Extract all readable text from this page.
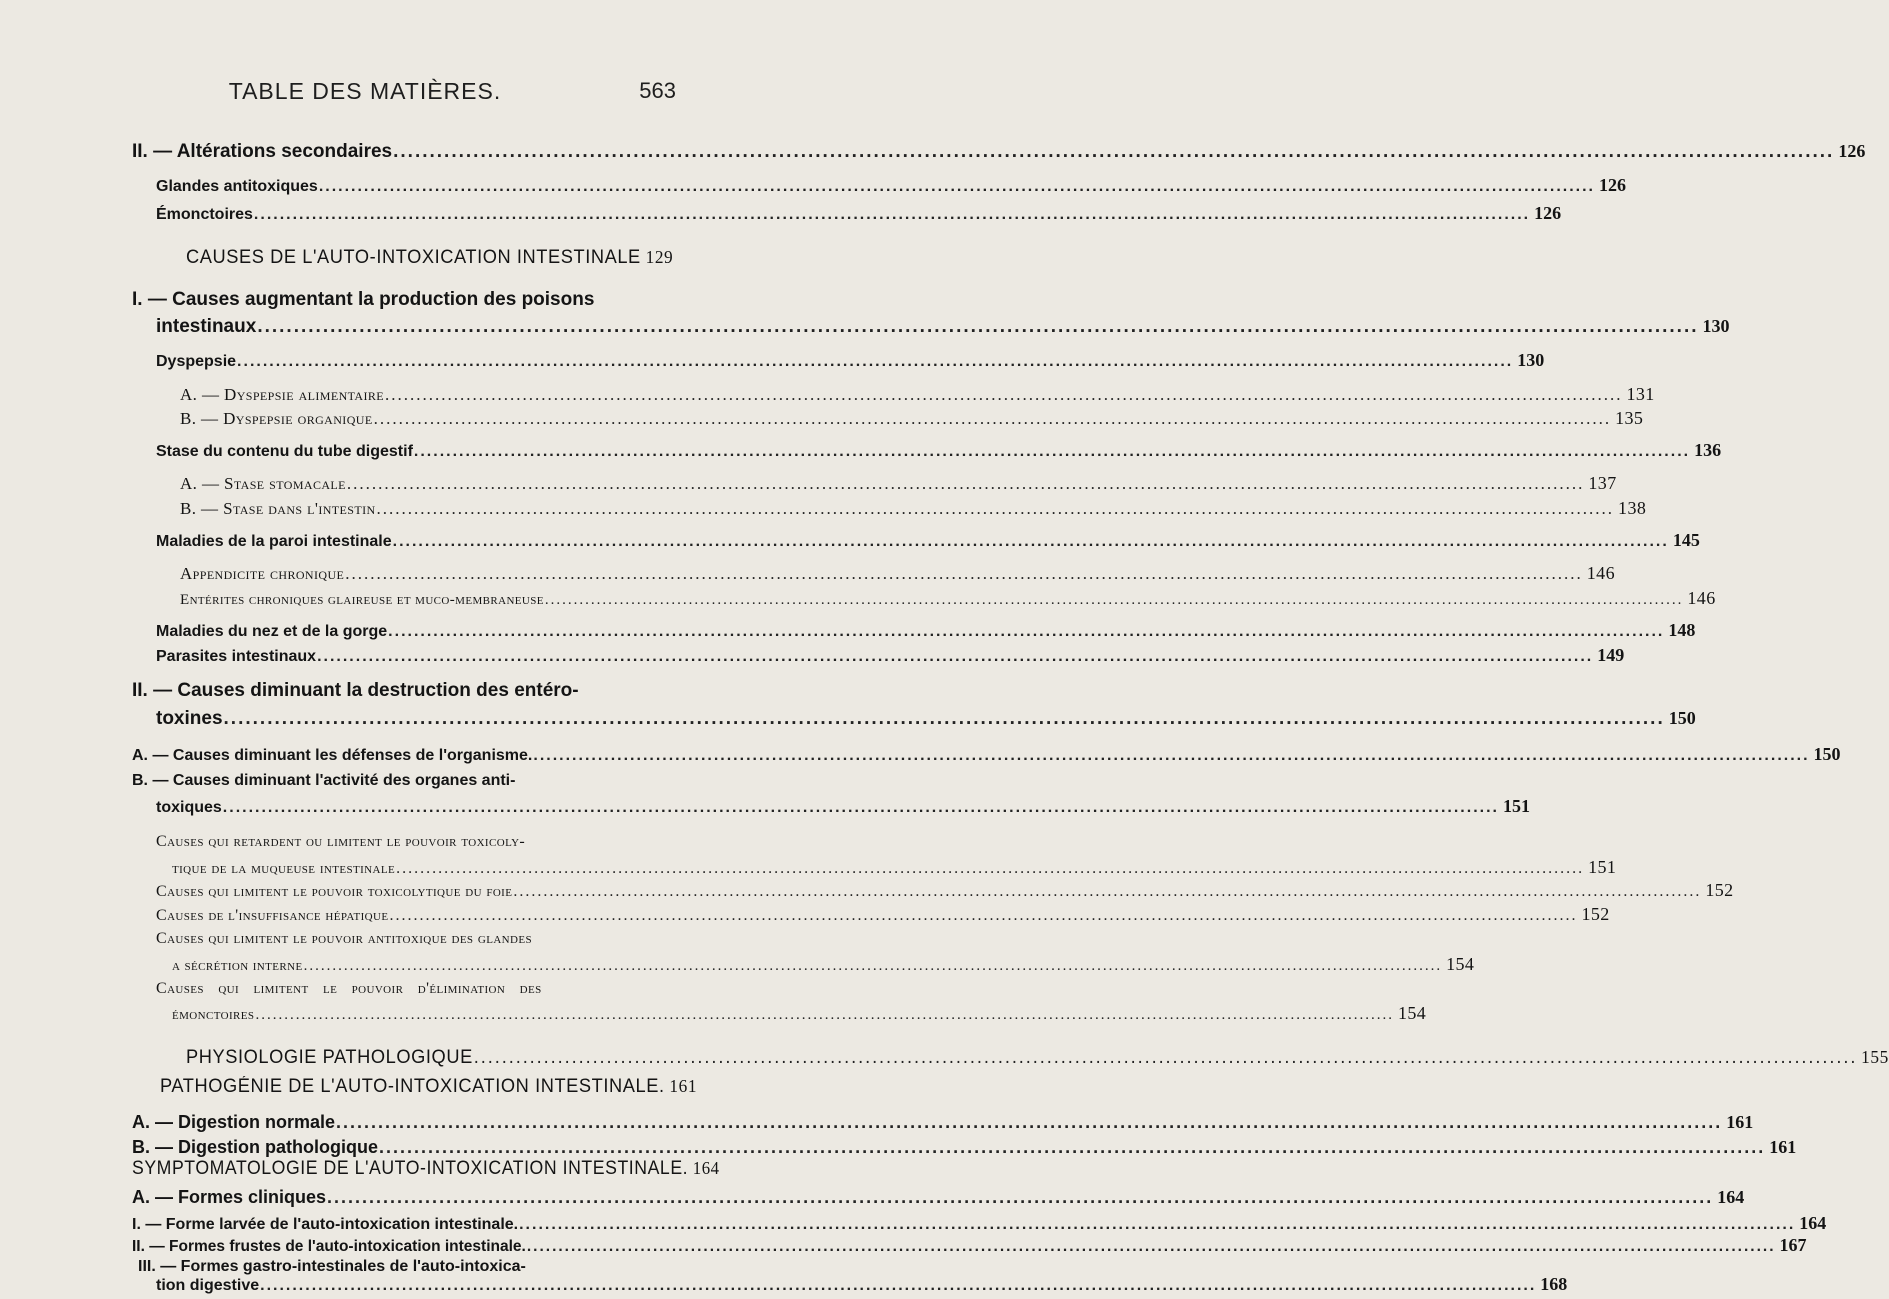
TABLE DES MATIÈRES.	563
II. — Altérations secondaires .....	126
Glandes antitoxiques .....	126
Émonctoires .....	126
CAUSES DE L'AUTO-INTOXICATION INTESTINALE 129
I. — Causes augmentant la production des poisons
intestinaux .....	130
Dyspepsie .....	130
A. — Dyspepsie alimentaire .....	131
B. — Dyspepsie organique .....	135
Stase du contenu du tube digestif .....	136
A. — Stase stomacale .....	137
B. — Stase dans l'intestin .....	138
Maladies de la paroi intestinale .....	145
Appendicite chronique .....	146
Entérites chroniques glaireuse et muco-membraneuse .....	146
Maladies du nez et de la gorge .....	148
Parasites intestinaux .....	149
II. — Causes diminuant la destruction des entéro-
toxines .....	150
A. — Causes diminuant les défenses de l'organisme. .....	150
B. — Causes diminuant l'activité des organes anti-
toxiques .....	151
Causes qui retardent ou limitent le pouvoir toxicoly-
tique de la muqueuse intestinale .....	151
Causes qui limitent le pouvoir toxicolytique du foie .....	152
Causes de l'insuffisance hépatique .....	152
Causes qui limitent le pouvoir antitoxique des glandes
a sécrétion interne .....	154
Causes qui limitent le pouvoir d'élimination des
émonctoires .....	154
PHYSIOLOGIE PATHOLOGIQUE .....	155
PATHOGÉNIE DE L'AUTO-INTOXICATION INTESTINALE. 161
A. — Digestion normale .....	161
B. — Digestion pathologique .....	161
SYMPTOMATOLOGIE DE L'AUTO-INTOXICATION INTESTINALE. 164
A. — Formes cliniques .....	164
I. — Forme larvée de l'auto-intoxication intestinale. .....	164
II. — Formes frustes de l'auto-intoxication intestinale. .....	167
III. — Formes gastro-intestinales de l'auto-intoxica-
tion digestive .....	168
